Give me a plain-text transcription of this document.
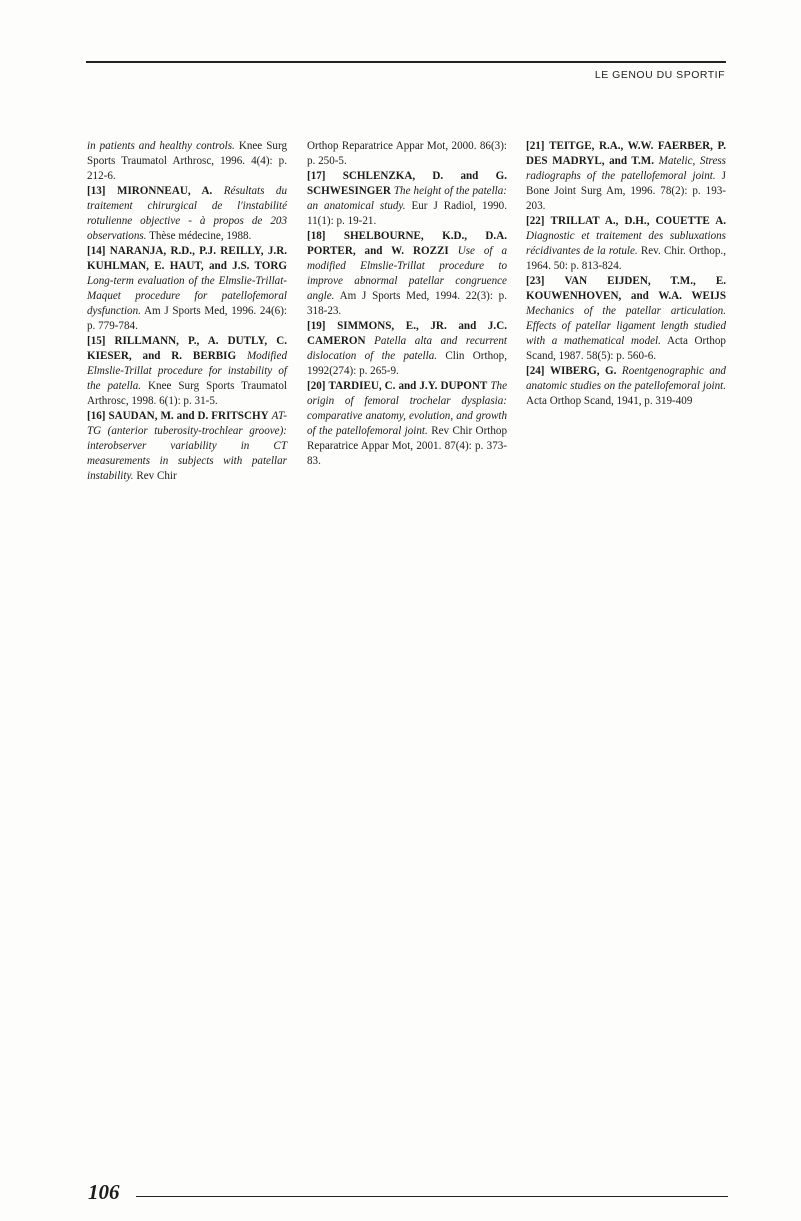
LE GENOU DU SPORTIF

in patients and healthy controls. Knee Surg Sports Traumatol Arthrosc, 1996. 4(4): p. 212-6.

[13] MIRONNEAU, A. Résultats du traitement chirurgical de l'instabilité rotulienne objective - à propos de 203 observations. Thèse médecine, 1988.

[14] NARANJA, R.D., P.J. REILLY, J.R. KUHLMAN, E. HAUT, and J.S. TORG Long-term evaluation of the Elmslie-Trillat-Maquet procedure for patellofemoral dysfunction. Am J Sports Med, 1996. 24(6): p. 779-784.

[15] RILLMANN, P., A. DUTLY, C. KIESER, and R. BERBIG Modified Elmslie-Trillat procedure for instability of the patella. Knee Surg Sports Traumatol Arthrosc, 1998. 6(1): p. 31-5.

[16] SAUDAN, M. and D. FRITSCHY AT-TG (anterior tuberosity-trochlear groove): interobserver variability in CT measurements in subjects with patellar instability. Rev Chir

Orthop Reparatrice Appar Mot, 2000. 86(3): p. 250-5.

[17] SCHLENZKA, D. and G. SCHWESINGER The height of the patella: an anatomical study. Eur J Radiol, 1990. 11(1): p. 19-21.

[18] SHELBOURNE, K.D., D.A. PORTER, and W. ROZZI Use of a modified Elmslie-Trillat procedure to improve abnormal patellar congruence angle. Am J Sports Med, 1994. 22(3): p. 318-23.

[19] SIMMONS, E., JR. and J.C. CAMERON Patella alta and recurrent dislocation of the patella. Clin Orthop, 1992(274): p. 265-9.

[20] TARDIEU, C. and J.Y. DUPONT The origin of femoral trochelar dysplasia: comparative anatomy, evolution, and growth of the patellofemoral joint. Rev Chir Orthop Reparatrice Appar Mot, 2001. 87(4): p. 373-83.

[21] TEITGE, R.A., W.W. FAERBER, P. DES MADRYL, and T.M. Matelic, Stress radiographs of the patellofemoral joint. J Bone Joint Surg Am, 1996. 78(2): p. 193-203.

[22] TRILLAT A., D.H., COUETTE A. Diagnostic et traitement des subluxations récidivantes de la rotule. Rev. Chir. Orthop., 1964. 50: p. 813-824.

[23] VAN EIJDEN, T.M., E. KOUWENHOVEN, and W.A. WEIJS Mechanics of the patellar articulation. Effects of patellar ligament length studied with a mathematical model. Acta Orthop Scand, 1987. 58(5): p. 560-6.

[24] WIBERG, G. Roentgenographic and anatomic studies on the patellofemoral joint. Acta Orthop Scand, 1941, p. 319-409

106
